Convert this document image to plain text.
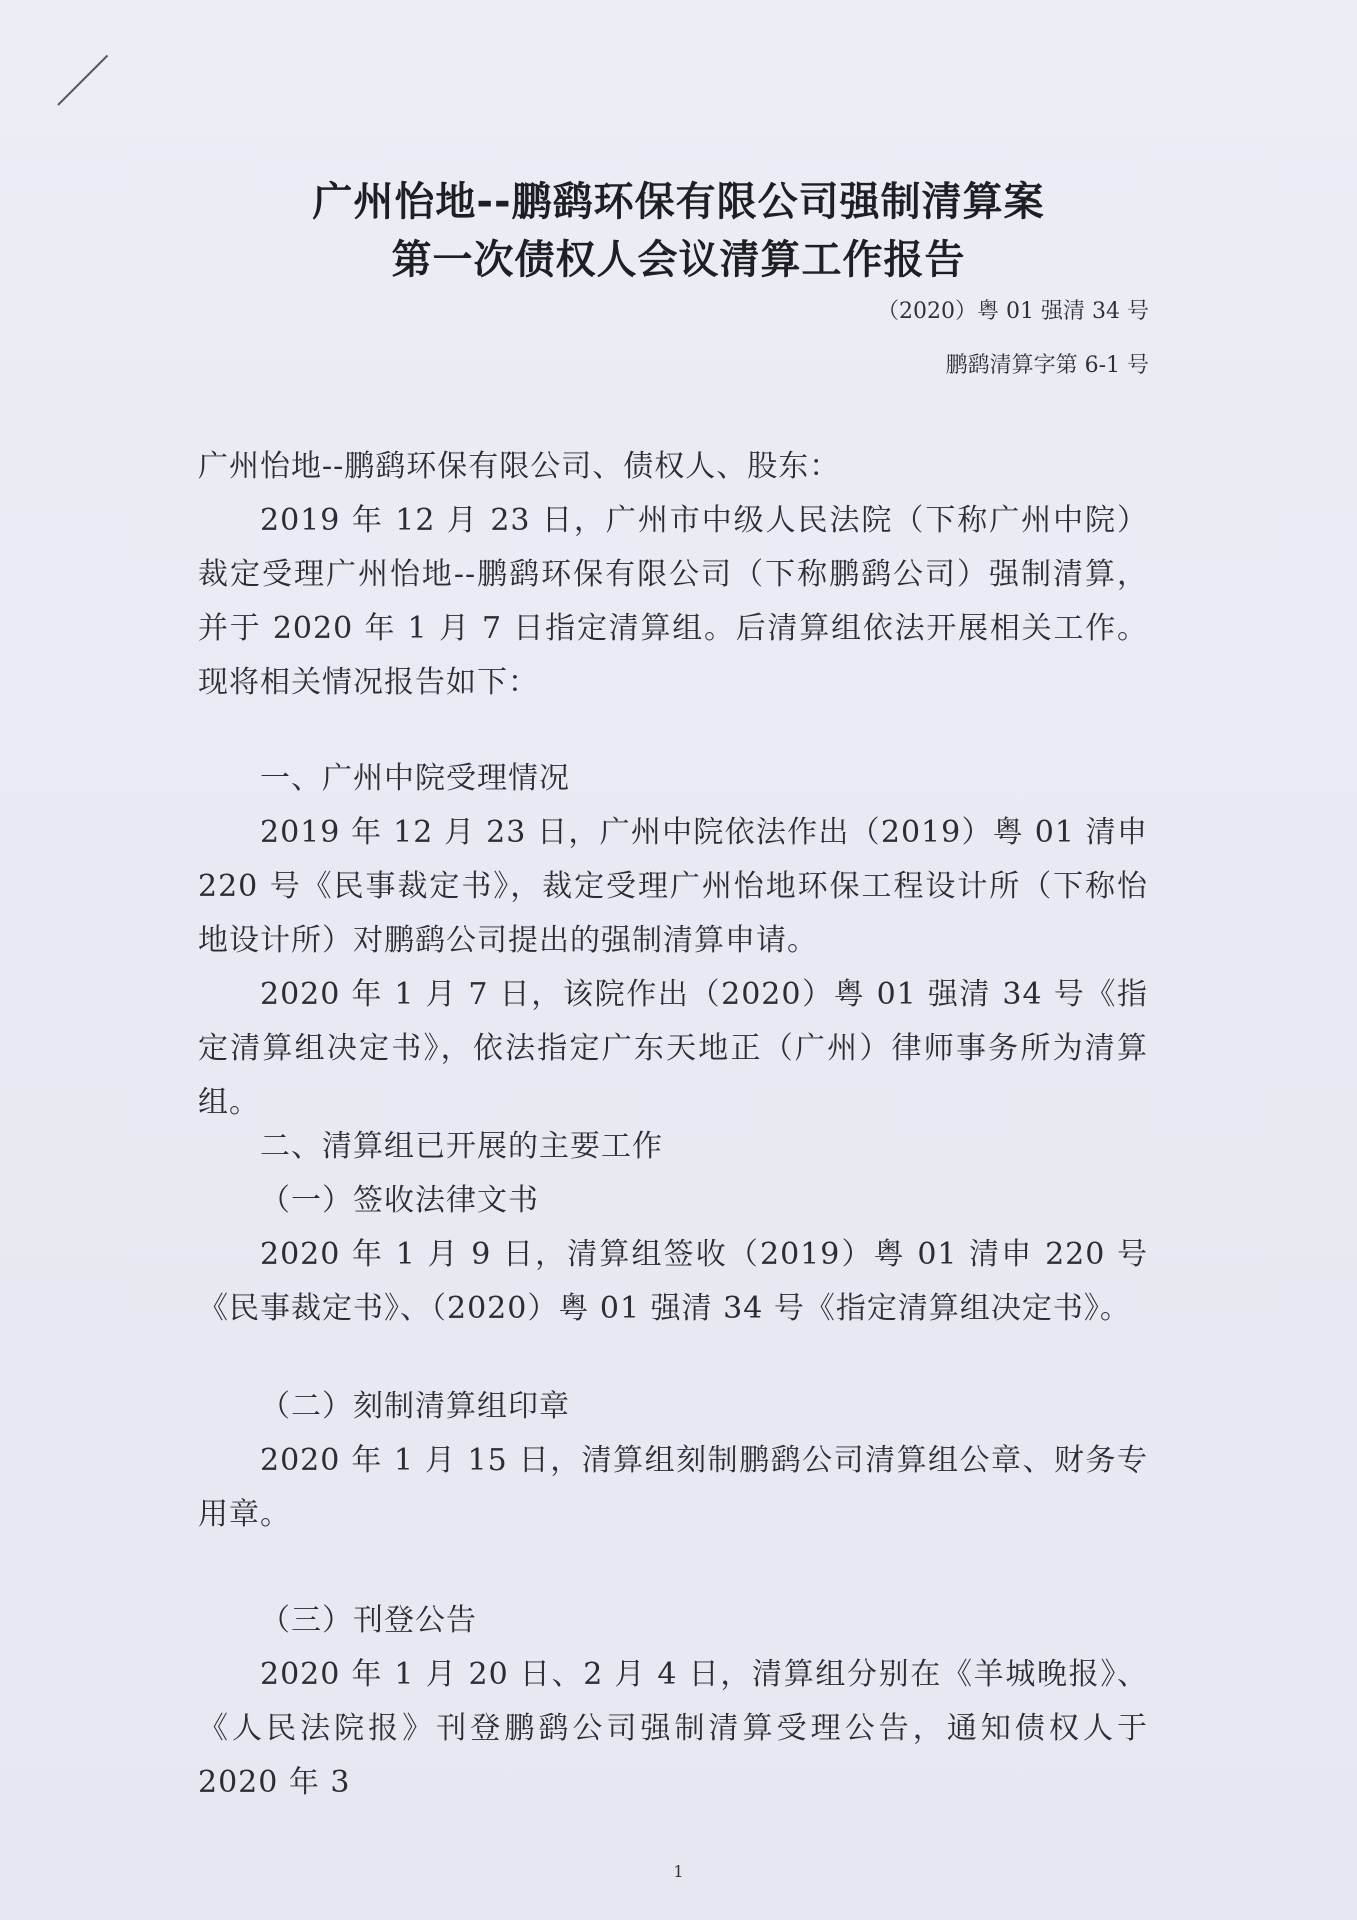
广州怡地--鹏鹞环保有限公司强制清算案
第一次债权人会议清算工作报告
（2020）粤 01 强清 34 号
鹏鹞清算字第 6-1 号

广州怡地--鹏鹞环保有限公司、债权人、股东：

2019 年 12 月 23 日，广州市中级人民法院（下称广州中院）裁定受理广州怡地--鹏鹞环保有限公司（下称鹏鹞公司）强制清算，并于 2020 年 1 月 7 日指定清算组。后清算组依法开展相关工作。现将相关情况报告如下：

一、广州中院受理情况

2019 年 12 月 23 日，广州中院依法作出（2019）粤 01 清申 220 号《民事裁定书》，裁定受理广州怡地环保工程设计所（下称怡地设计所）对鹏鹞公司提出的强制清算申请。

2020 年 1 月 7 日，该院作出（2020）粤 01 强清 34 号《指定清算组决定书》，依法指定广东天地正（广州）律师事务所为清算组。

二、清算组已开展的主要工作

（一）签收法律文书

2020 年 1 月 9 日，清算组签收（2019）粤 01 清申 220 号《民事裁定书》、（2020）粤 01 强清 34 号《指定清算组决定书》。

（二）刻制清算组印章

2020 年 1 月 15 日，清算组刻制鹏鹞公司清算组公章、财务专用章。

（三）刊登公告

2020 年 1 月 20 日、2 月 4 日，清算组分别在《羊城晚报》、《人民法院报》刊登鹏鹞公司强制清算受理公告，通知债权人于 2020 年 3

1
